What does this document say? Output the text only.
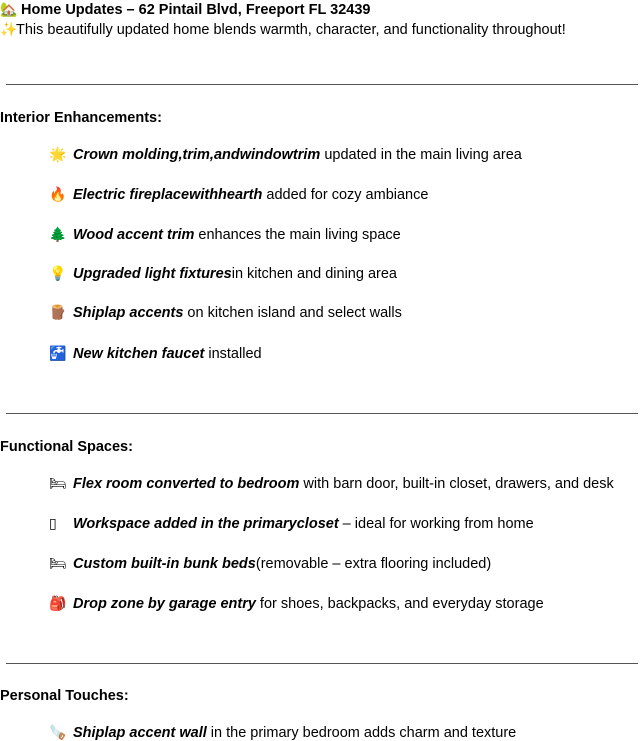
🏡 Home Updates – 62 Pintail Blvd, Freeport FL 32439
✨This beautifully updated home blends warmth, character, and functionality throughout!
Interior Enhancements:
🌟 Crown molding,trim,andwindowtrim updated in the main living area
🔥 Electric fireplacewithhearth added for cozy ambiance
🌲 Wood accent trim enhances the main living space
💡 Upgraded light fixturesin kitchen and dining area
🪵 Shiplap accents on kitchen island and select walls
🚰 New kitchen faucet installed
Functional Spaces:
🛏 Flex room converted to bedroom with barn door, built-in closet, drawers, and desk
▯ Workspace added in the primarycloset – ideal for working from home
🛏 Custom built-in bunk beds(removable – extra flooring included)
🎒 Drop zone by garage entry for shoes, backpacks, and everyday storage
Personal Touches:
🪚 Shiplap accent wall in the primary bedroom adds charm and texture
